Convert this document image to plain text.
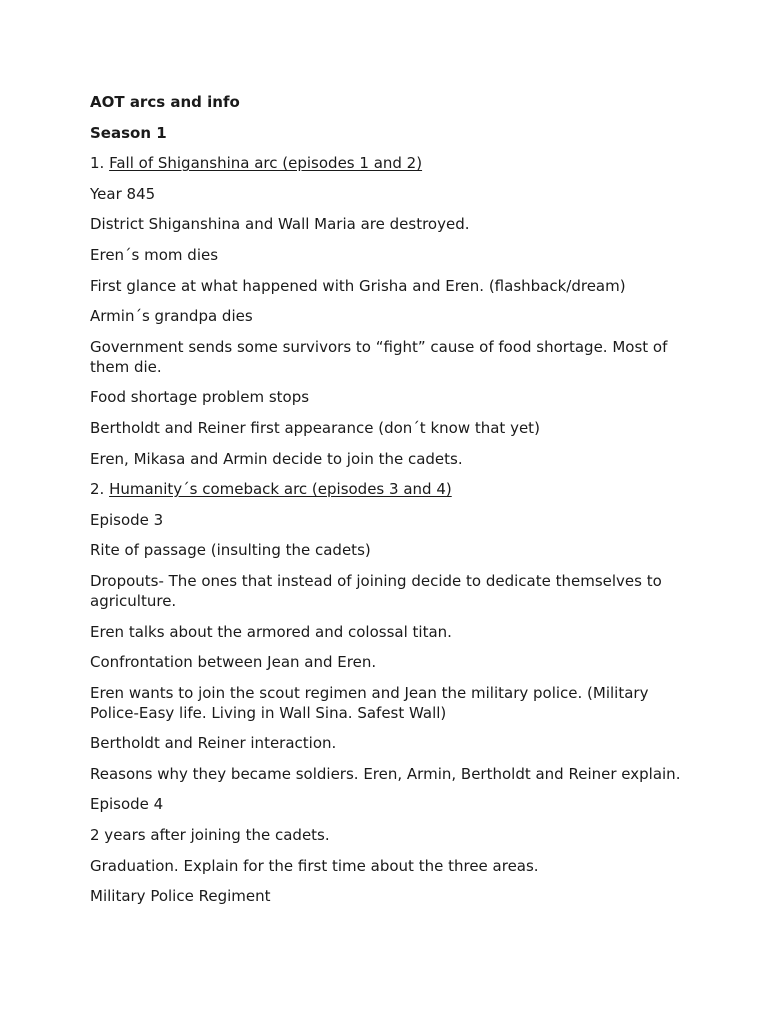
AOT arcs and info

Season 1

1. Fall of Shiganshina arc (episodes 1 and 2)

Year 845

District Shiganshina and Wall Maria are destroyed.

Eren´s mom dies

First glance at what happened with Grisha and Eren. (flashback/dream)

Armin´s grandpa dies

Government sends some survivors to “fight” cause of food shortage. Most of them die.

Food shortage problem stops

Bertholdt and Reiner first appearance (don´t know that yet)

Eren, Mikasa and Armin decide to join the cadets.

2. Humanity´s comeback arc (episodes 3 and 4)

Episode 3

Rite of passage (insulting the cadets)

Dropouts- The ones that instead of joining decide to dedicate themselves to agriculture.

Eren talks about the armored and colossal titan.

Confrontation between Jean and Eren.

Eren wants to join the scout regimen and Jean the military police. (Military Police-Easy life. Living in Wall Sina. Safest Wall)

Bertholdt and Reiner interaction.

Reasons why they became soldiers. Eren, Armin, Bertholdt and Reiner explain.

Episode 4

2 years after joining the cadets.

Graduation. Explain for the first time about the three areas.

Military Police Regiment
